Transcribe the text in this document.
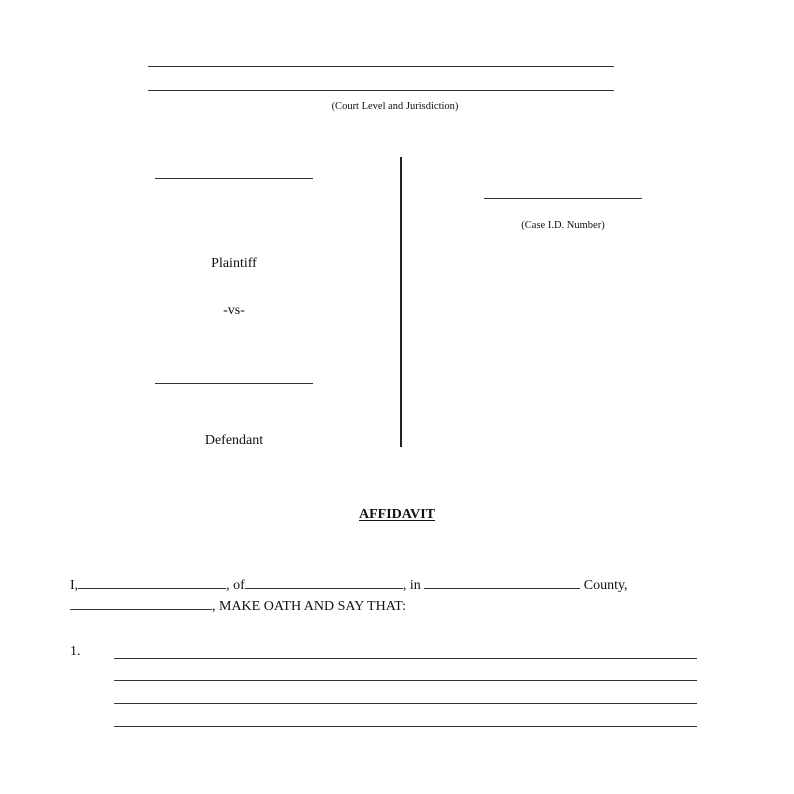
(Court Level and Jurisdiction)
Plaintiff
-vs-
Defendant
(Case I.D. Number)
AFFIDAVIT
I,	, of	, in	County,
, MAKE OATH AND SAY THAT:
1.
